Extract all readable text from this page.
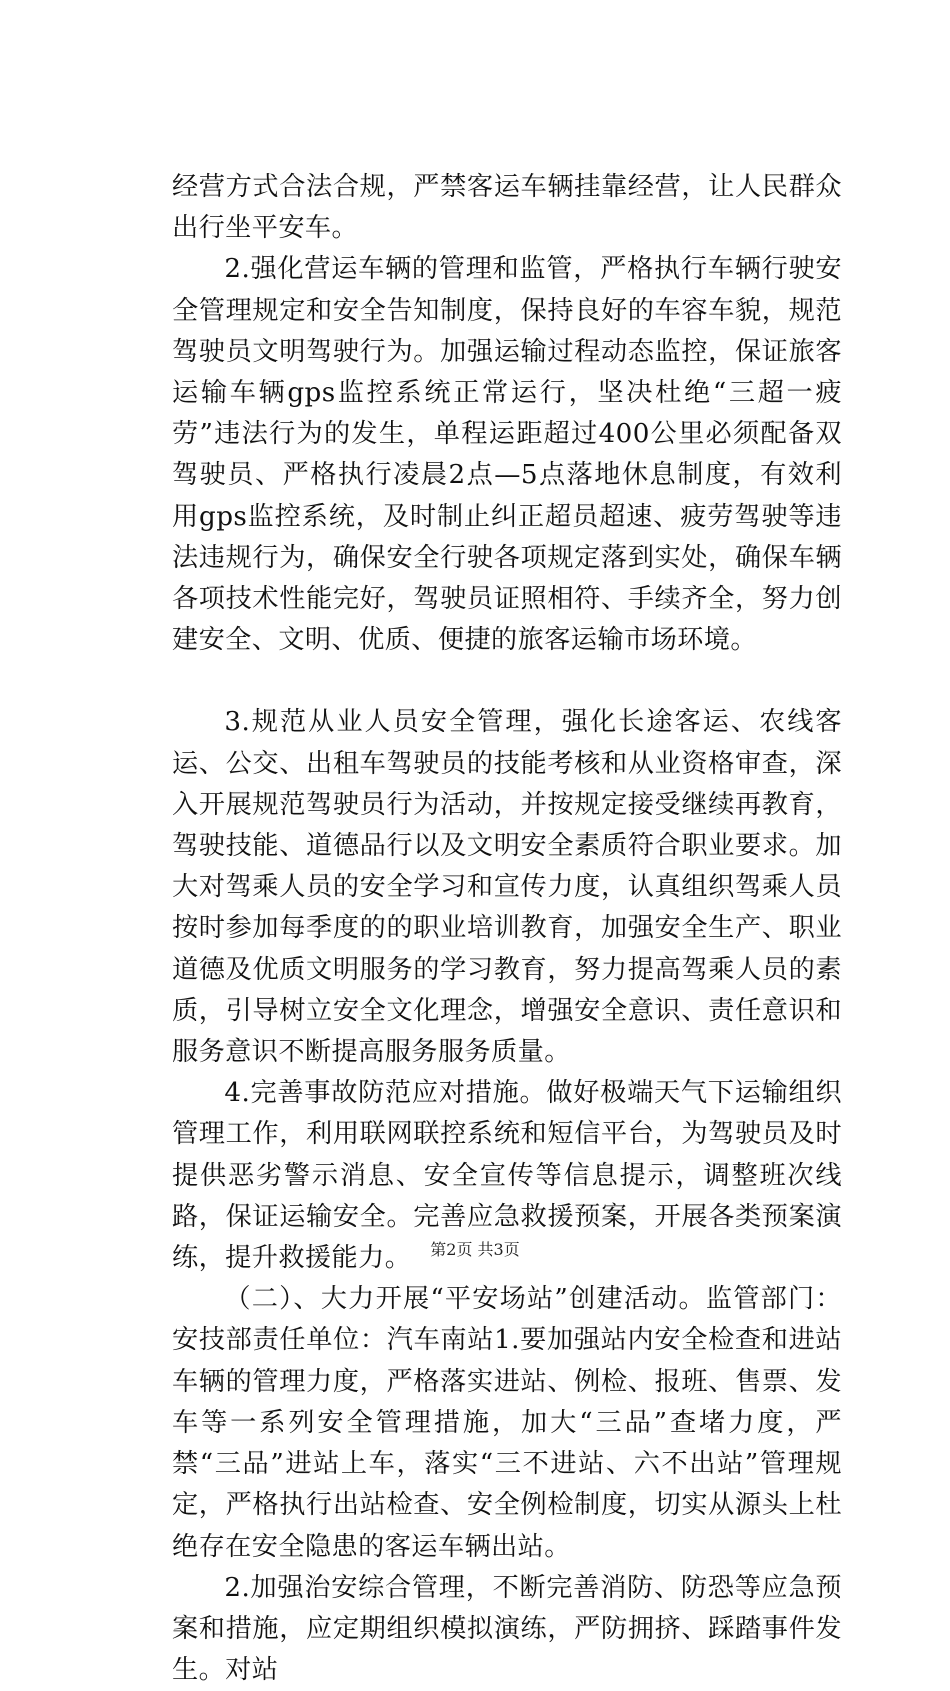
经营方式合法合规，严禁客运车辆挂靠经营，让人民群众出行坐平安车。

2.强化营运车辆的管理和监管，严格执行车辆行驶安全管理规定和安全告知制度，保持良好的车容车貌，规范驾驶员文明驾驶行为。加强运输过程动态监控，保证旅客运输车辆gps监控系统正常运行，坚决杜绝“三超一疲劳”违法行为的发生，单程运距超过400公里必须配备双驾驶员、严格执行凌晨2点—5点落地休息制度，有效利用gps监控系统，及时制止纠正超员超速、疲劳驾驶等违法违规行为，确保安全行驶各项规定落到实处，确保车辆各项技术性能完好，驾驶员证照相符、手续齐全，努力创建安全、文明、优质、便捷的旅客运输市场环境。

3.规范从业人员安全管理，强化长途客运、农线客运、公交、出租车驾驶员的技能考核和从业资格审查，深入开展规范驾驶员行为活动，并按规定接受继续再教育，驾驶技能、道德品行以及文明安全素质符合职业要求。加大对驾乘人员的安全学习和宣传力度，认真组织驾乘人员按时参加每季度的的职业培训教育，加强安全生产、职业道德及优质文明服务的学习教育，努力提高驾乘人员的素质，引导树立安全文化理念，增强安全意识、责任意识和服务意识不断提高服务服务质量。

4.完善事故防范应对措施。做好极端天气下运输组织管理工作，利用联网联控系统和短信平台，为驾驶员及时提供恶劣警示消息、安全宣传等信息提示，调整班次线路，保证运输安全。完善应急救援预案，开展各类预案演练，提升救援能力。

（二）、大力开展“平安场站”创建活动。监管部门：安技部责任单位：汽车南站1.要加强站内安全检查和进站车辆的管理力度，严格落实进站、例检、报班、售票、发车等一系列安全管理措施，加大“三品”查堵力度，严禁“三品”进站上车，落实“三不进站、六不出站”管理规定，严格执行出站检查、安全例检制度，切实从源头上杜绝存在安全隐患的客运车辆出站。

2.加强治安综合管理，不断完善消防、防恐等应急预案和措施，应定期组织模拟演练，严防拥挤、踩踏事件发生。对站

第2页 共3页
